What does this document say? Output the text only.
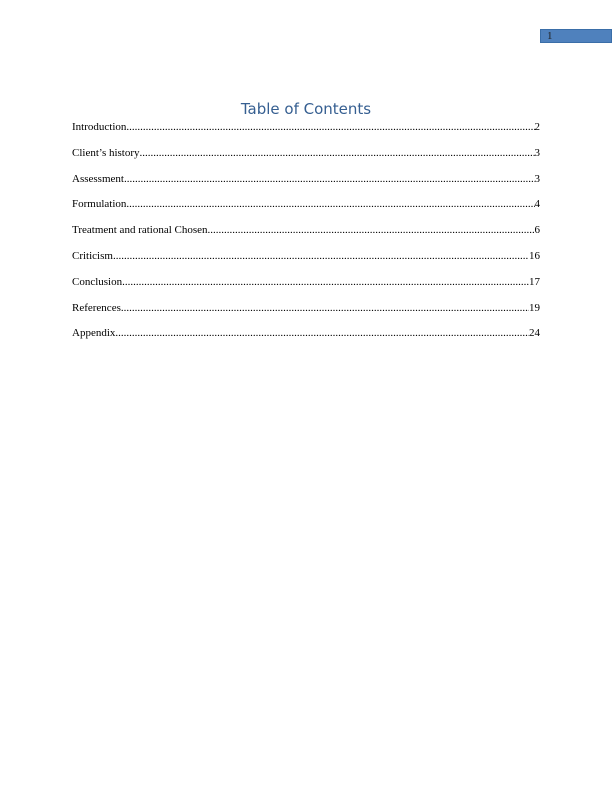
1
Table of Contents
Introduction .....	2
Client’s history .....	3
Assessment .....	3
Formulation .....	4
Treatment and rational Chosen .....	6
Criticism .....	16
Conclusion .....	17
References .....	19
Appendix .....	24
